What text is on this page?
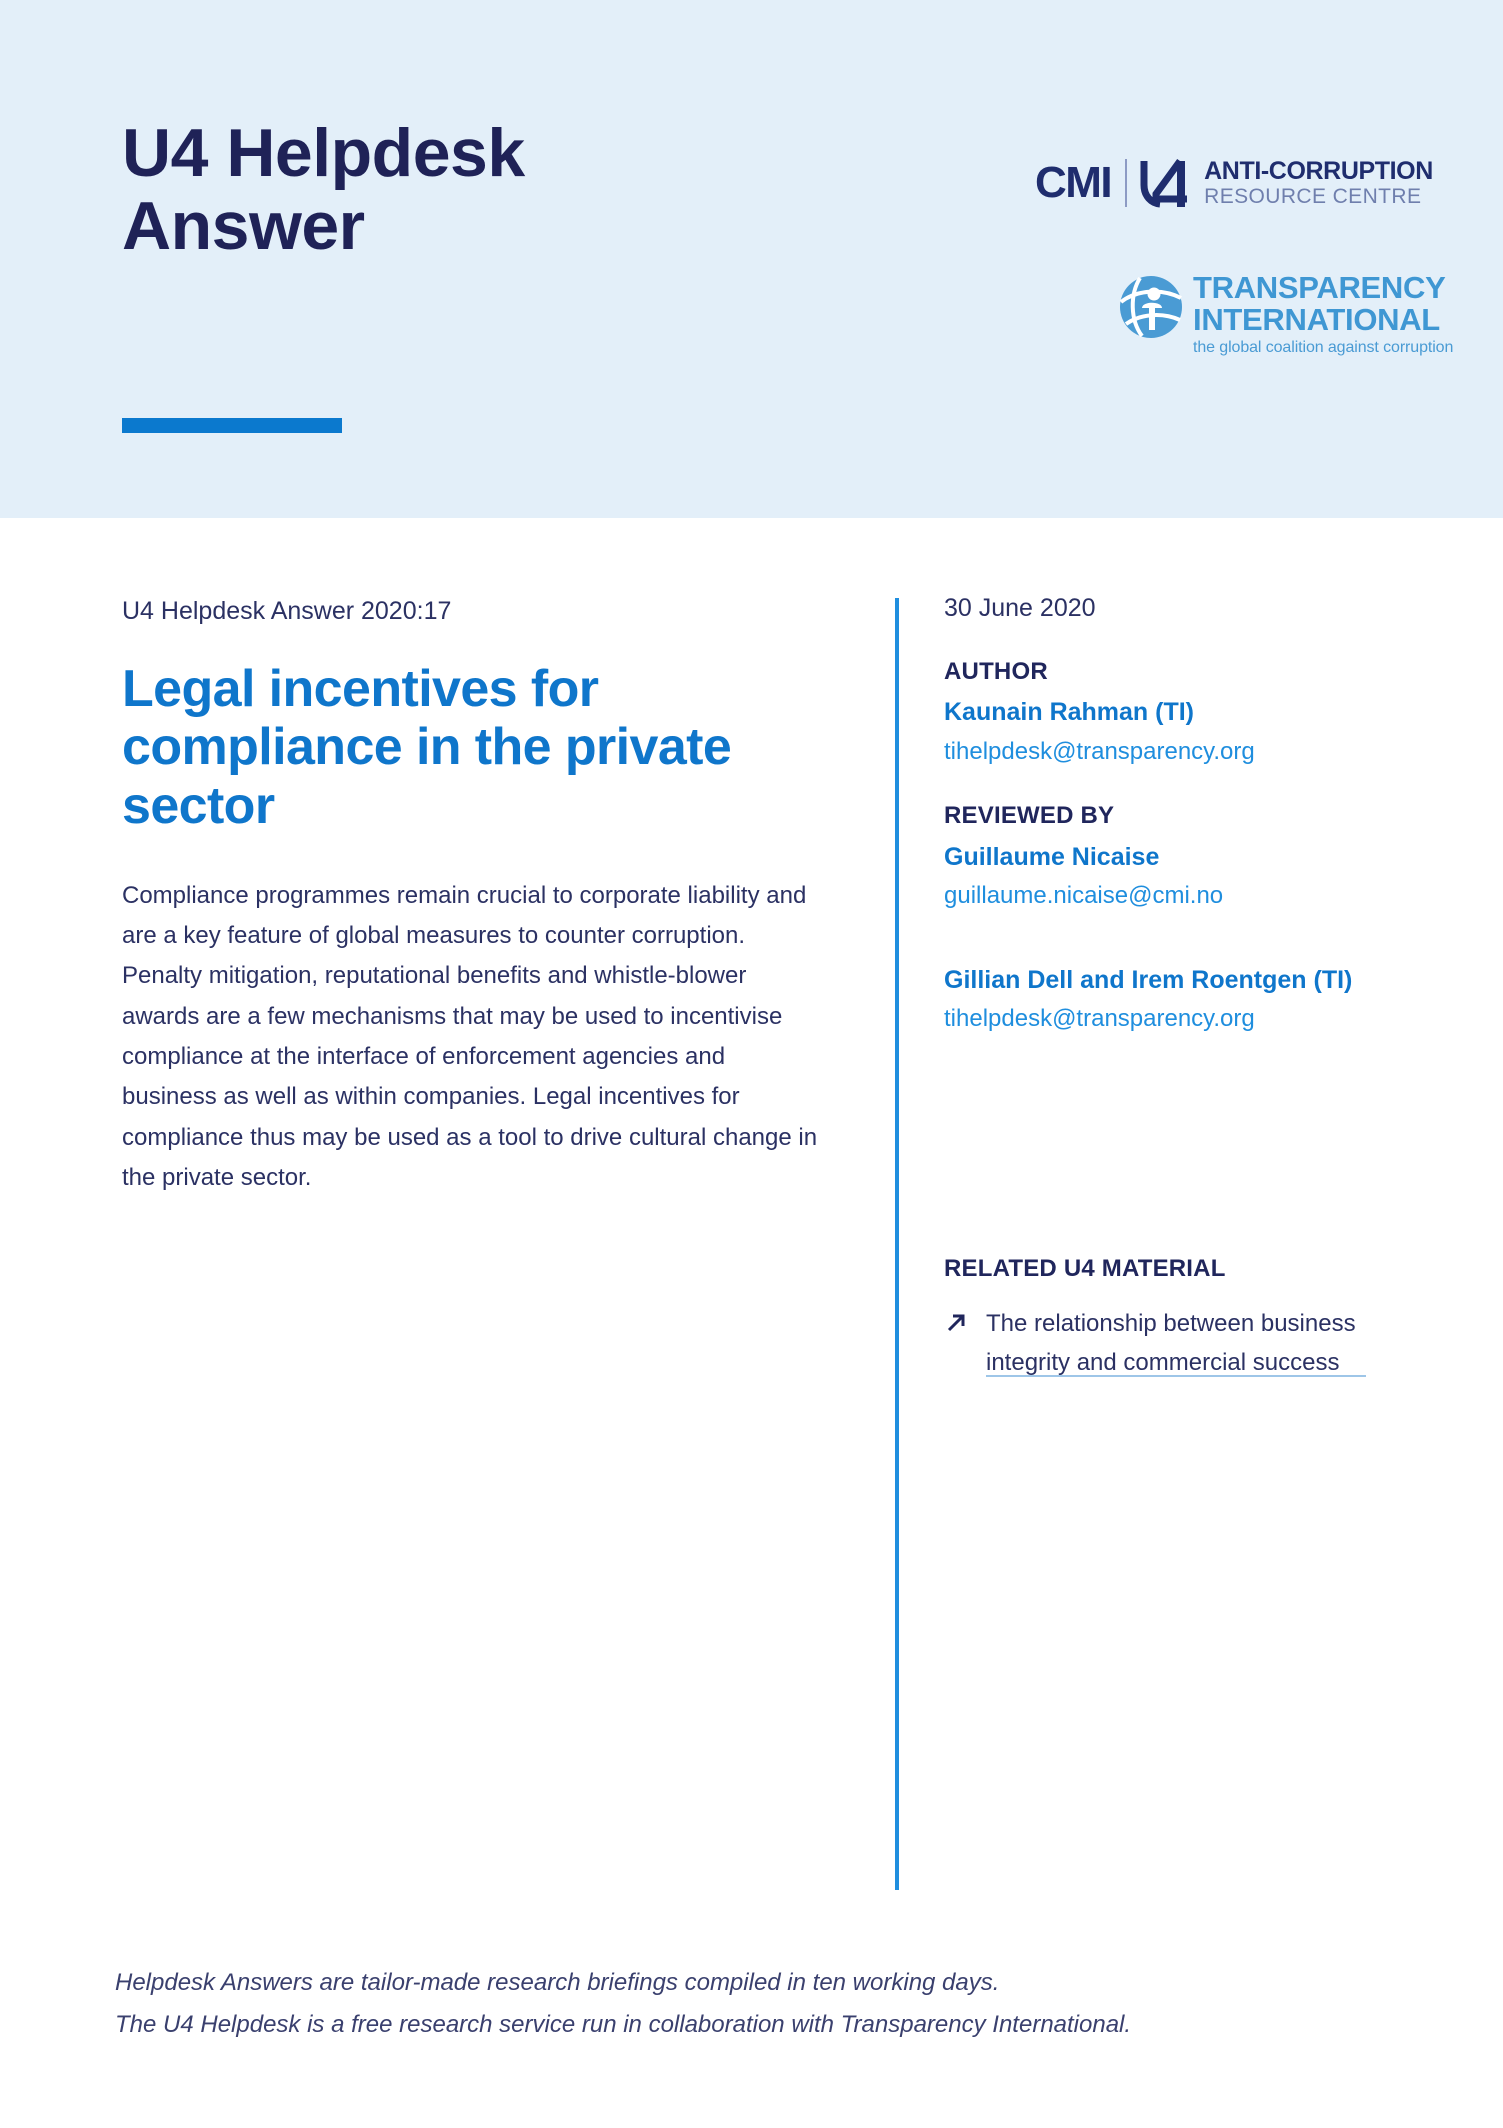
U4 Helpdesk Answer
CMI	ANTI-CORRUPTION
RESOURCE CENTRE
TRANSPARENCY
INTERNATIONAL
the global coalition against corruption
U4 Helpdesk Answer 2020:17
Legal incentives for compliance in the private sector

Compliance programmes remain crucial to corporate liability and are a key feature of global measures to counter corruption. Penalty mitigation, reputational benefits and whistle-blower awards are a few mechanisms that may be used to incentivise compliance at the interface of enforcement agencies and business as well as within companies. Legal incentives for compliance thus may be used as a tool to drive cultural change in the private sector.

30 June 2020
AUTHOR
Kaunain Rahman (TI)
tihelpdesk@transparency.org
REVIEWED BY
Guillaume Nicaise
guillaume.nicaise@cmi.no
Gillian Dell and Irem Roentgen (TI)
tihelpdesk@transparency.org
RELATED U4 MATERIAL
The relationship between business integrity and commercial success
Helpdesk Answers are tailor-made research briefings compiled in ten working days.
The U4 Helpdesk is a free research service run in collaboration with Transparency International.
